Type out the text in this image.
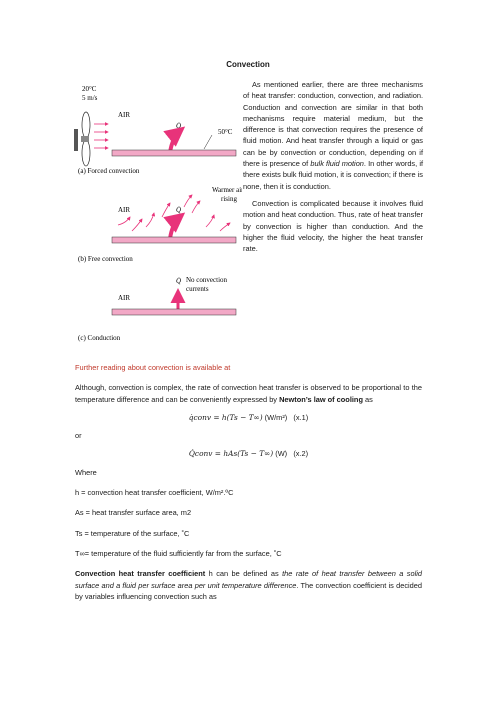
Convection
20°C
5 m/s
AIR
Q̇
50°C
(a) Forced convection
Warmer air
rising
AIR	Q̇
(b) Free convection
No convection
currents
Q̇
AIR
(c) Conduction

As mentioned earlier, there are three mechanisms of heat transfer: conduction, convection, and radiation. Conduction and convection are similar in that both mechanisms require material medium, but the difference is that convection requires the presence of fluid motion. And heat transfer through a liquid or gas can be by convection or conduction, depending on if there is presence of bulk fluid motion. In other words, if there exists bulk fluid motion, it is convection; if there is none, then it is conduction.

Convection is complicated because it involves fluid motion and heat conduction. Thus, rate of heat transfer by convection is higher than conduction. And the higher the fluid velocity, the higher the heat transfer rate.

Further reading about convection is available at

Although, convection is complex, the rate of convection heat transfer is observed to be proportional to the temperature difference and can be conveniently expressed by Newton’s law of cooling as

q̇conv = h(Ts − T∞) (W/m²) (x.1)

or

Q̇conv = hAs(Ts − T∞) (W) (x.2)

Where

h = convection heat transfer coefficient, W/m².ºC

As = heat transfer surface area, m2

Ts = temperature of the surface, ˚C

T∞= temperature of the fluid sufficiently far from the surface, ˚C

Convection heat transfer coefficient h can be defined as the rate of heat transfer between a solid surface and a fluid per surface area per unit temperature difference. The convection coefficient is decided by variables influencing convection such as
